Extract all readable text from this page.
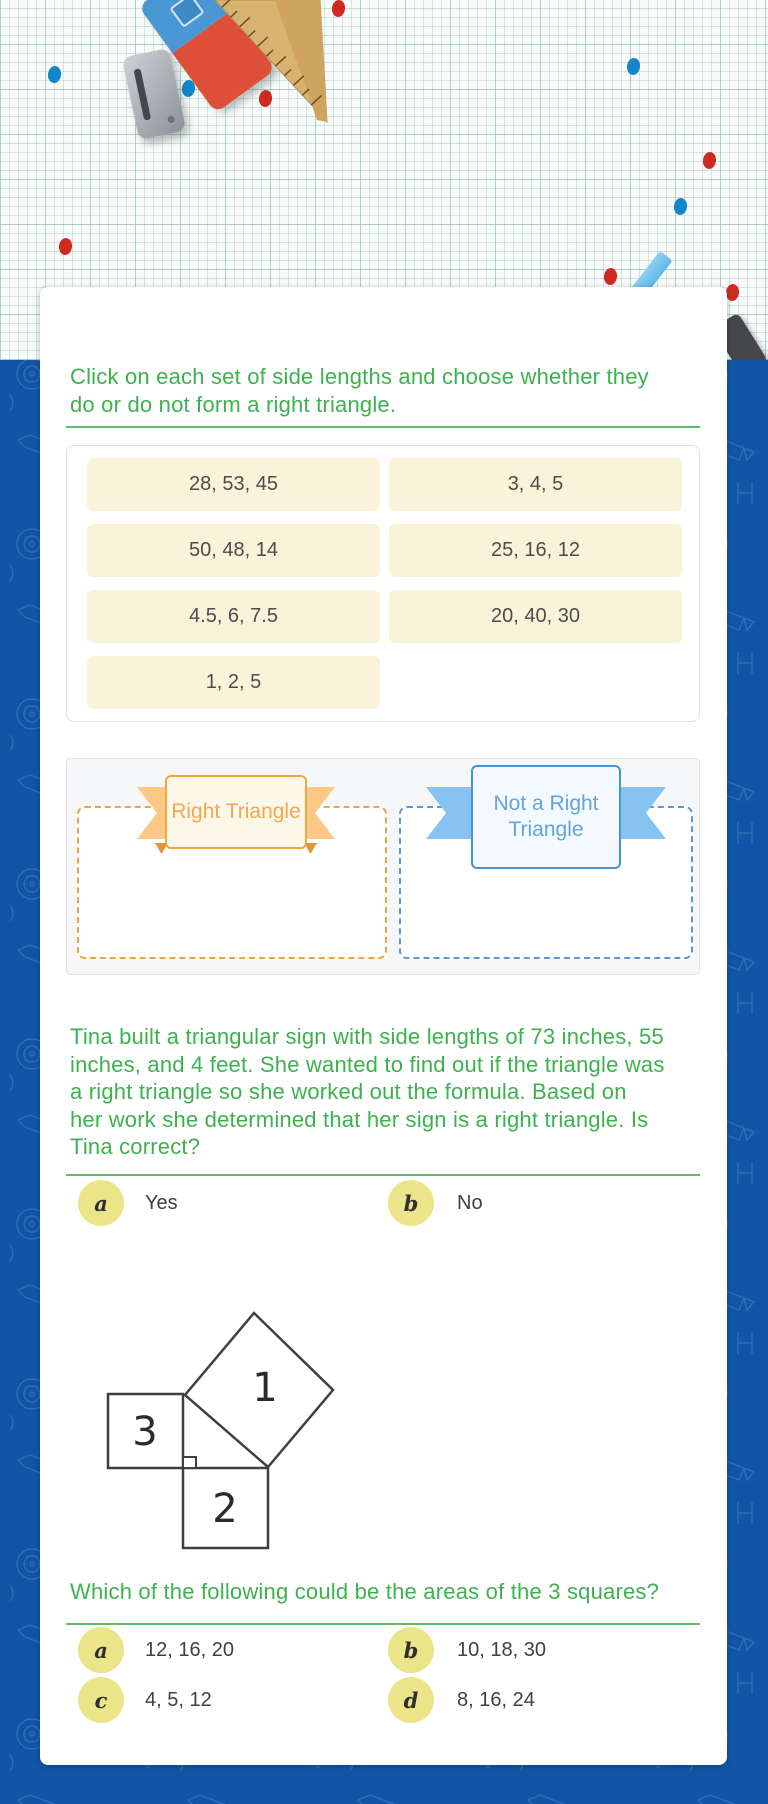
Click on each set of side lengths and choose whether they
do or do not form a right triangle.
28, 53, 45	3, 4, 5
50, 48, 14	25, 16, 12
4.5, 6, 7.5	20, 40, 30
1, 2, 5
Right Triangle	Not a Right Triangle
Tina built a triangular sign with side lengths of 73 inches, 55
inches, and 4 feet. She wanted to find out if the triangle was
a right triangle so she worked out the formula. Based on
her work she determined that her sign is a right triangle. Is
Tina correct?
a	Yes	b	No
1
3
2
Which of the following could be the areas of the 3 squares?
a	12, 16, 20	b	10, 18, 30
c	4, 5, 12	d	8, 16, 24
